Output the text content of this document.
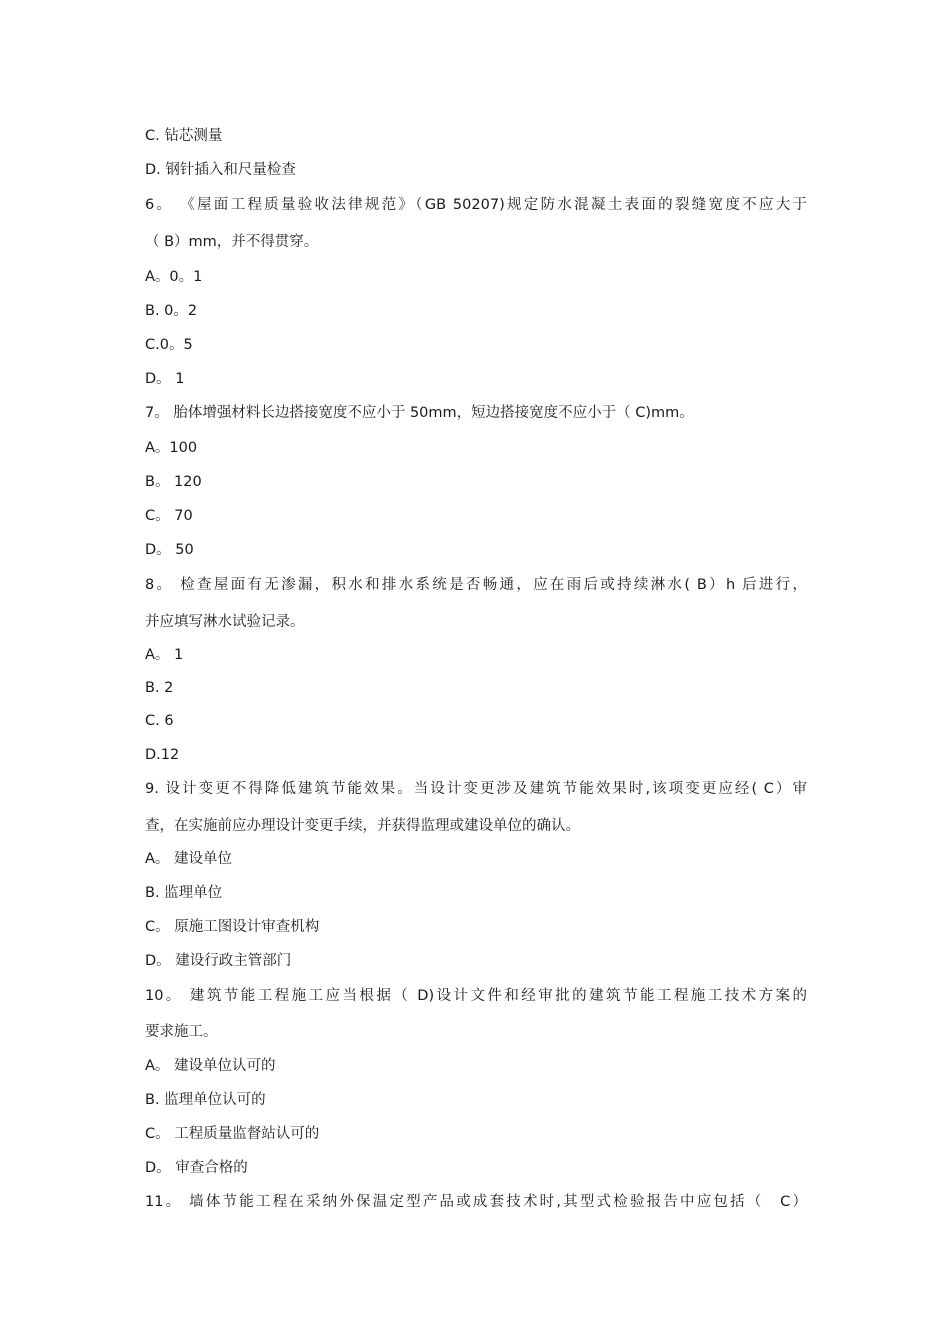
C. 钻芯测量
D. 钢针插入和尺量检查
6。 《屋面工程质量验收法律规范》（GB 50207)规定防水混凝土表面的裂缝宽度不应大于
（ B）mm，并不得贯穿。
A。0。1
B. 0。2
C.0。5
D。 1
7。 胎体增强材料长边搭接宽度不应小于 50mm，短边搭接宽度不应小于（ C)mm。
A。100
B。 120
C。 70
D。 50
8。 检查屋面有无渗漏，积水和排水系统是否畅通，应在雨后或持续淋水( B）h 后进行，
并应填写淋水试验记录。
A。 1
B. 2
C. 6
D.12
9. 设计变更不得降低建筑节能效果。当设计变更涉及建筑节能效果时,该项变更应经( C）审
查，在实施前应办理设计变更手续，并获得监理或建设单位的确认。
A。 建设单位
B. 监理单位
C。 原施工图设计审查机构
D。 建设行政主管部门
10。 建筑节能工程施工应当根据（ D)设计文件和经审批的建筑节能工程施工技术方案的
要求施工。
A。 建设单位认可的
B. 监理单位认可的
C。 工程质量监督站认可的
D。 审查合格的
11。 墙体节能工程在采纳外保温定型产品或成套技术时,其型式检验报告中应包括（　C）
